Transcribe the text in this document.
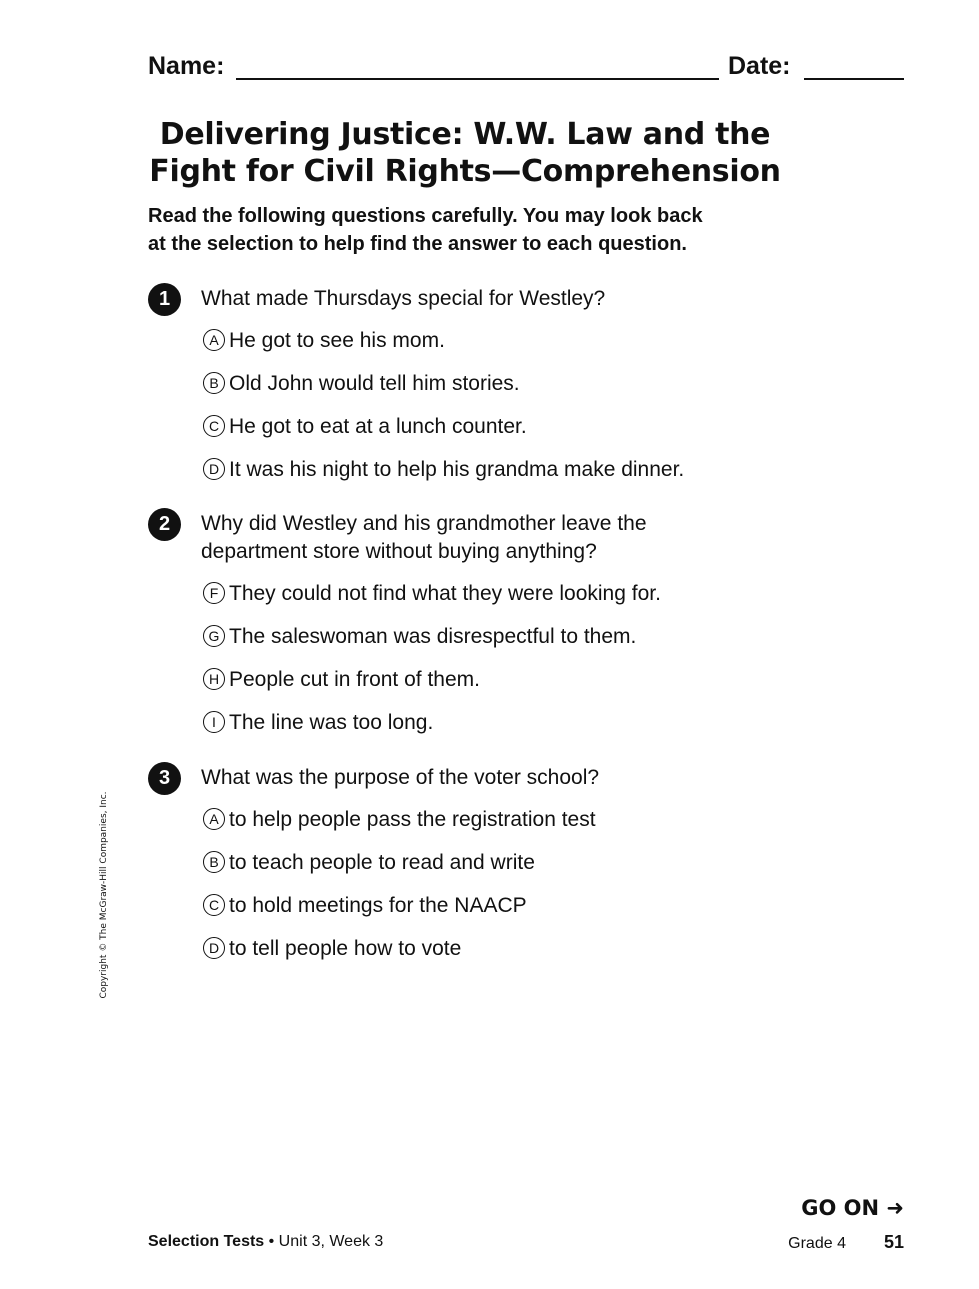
Name:	Date:
Delivering Justice: W.W. Law and the
Fight for Civil Rights—Comprehension
Read the following questions carefully. You may look back
at the selection to help find the answer to each question.
1	What made Thursdays special for Westley?
A He got to see his mom.
B Old John would tell him stories.
C He got to eat at a lunch counter.
D It was his night to help his grandma make dinner.
2	Why did Westley and his grandmother leave the
department store without buying anything?
F They could not find what they were looking for.
G The saleswoman was disrespectful to them.
H People cut in front of them.
I The line was too long.
3	What was the purpose of the voter school?
A to help people pass the registration test
B to teach people to read and write
C to hold meetings for the NAACP
D to tell people how to vote
Copyright © The McGraw-Hill Companies, Inc.
GO ON ➜
Selection Tests • Unit 3, Week 3	Grade 4 51
